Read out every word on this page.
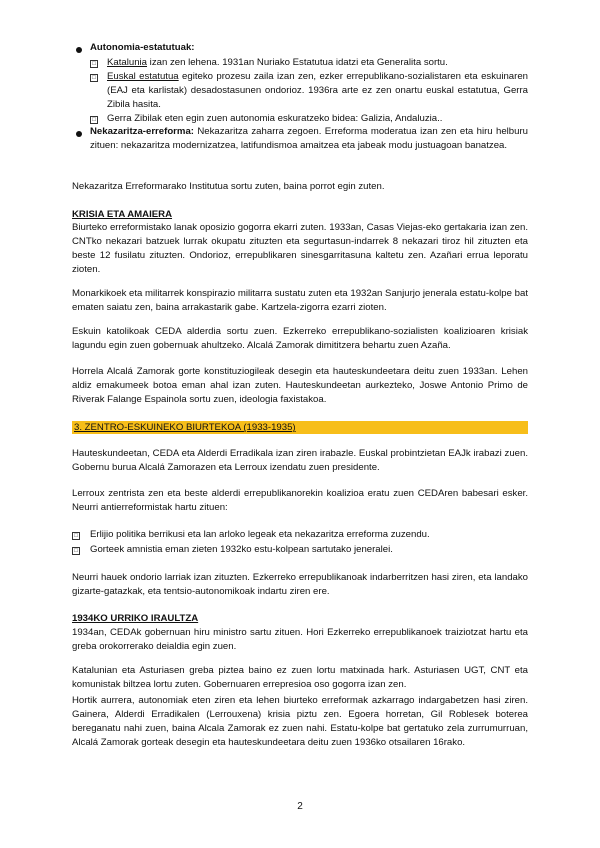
Autonomia-estatutuak:

□ Katalunia izan zen lehena. 1931an Nuriako Estatutua idatzi eta Generalita sortu.

□ Euskal estatutua egiteko prozesu zaila izan zen, ezker errepublikano-sozialistaren eta eskuinaren (EAJ eta karlistak) desadostasunen ondorioz. 1936ra arte ez zen onartu euskal estatutua, Gerra Zibila hasita.

□ Gerra Zibilak eten egin zuen autonomia eskuratzeko bidea: Galizia, Andaluzia..

Nekazaritza-erreforma: Nekazaritza zaharra zegoen. Erreforma moderatua izan zen eta hiru helburu zituen: nekazaritza modernizatzea, latifundismoa amaitzea eta jabeak modu justuagoan banatzea.

Nekazaritza Erreformarako Institutua sortu zuten, baina porrot egin zuten.

KRISIA ETA AMAIERA

Biurteko erreformistako lanak oposizio gogorra ekarri zuten. 1933an, Casas Viejas-eko gertakaria izan zen. CNTko nekazari batzuek lurrak okupatu zituzten eta segurtasun-indarrek 8 nekazari tiroz hil zituzten eta beste 12 fusilatu zituzten. Ondorioz, errepublikaren sinesgarritasuna kaltetu zen. Azañari errua leporatu zioten.

Monarkikoek eta militarrek konspirazio militarra sustatu zuten eta 1932an Sanjurjo jenerala estatu-kolpe bat ematen saiatu zen, baina arrakastarik gabe. Kartzela-zigorra ezarri zioten.

Eskuin katolikoak CEDA alderdia sortu zuen. Ezkerreko errepublikano-sozialisten koalizioaren krisiak lagundu egin zuen gobernuak ahultzeko. Alcalá Zamorak dimititzera behartu zuen Azaña.

Horrela Alcalá Zamorak gorte konstituziogileak desegin eta hauteskundeetara deitu zuen 1933an. Lehen aldiz emakumeek botoa eman ahal izan zuten. Hauteskundeetan aurkezteko, Joswe Antonio Primo de Riverak Falange Espainola sortu zuen, ideologia faxistakoa.

3. ZENTRO-ESKUINEKO BIURTEKOA (1933-1935)

Hauteskundeetan, CEDA eta Alderdi Erradikala izan ziren irabazle. Euskal probintzietan EAJk irabazi zuen. Gobernu burua Alcalá Zamorazen eta Lerroux izendatu zuen presidente.

Lerroux zentrista zen eta beste alderdi errepublikanorekin koalizioa eratu zuen CEDAren babesari esker. Neurri antierreformistak hartu zituen:

□ Erlijio politika berrikusi eta lan arloko legeak eta nekazaritza erreforma zuzendu.

□ Gorteek amnistia eman zieten 1932ko estu-kolpean sartutako jeneralei.

Neurri hauek ondorio larriak izan zituzten. Ezkerreko errepublikanoak indarberritzen hasi ziren, eta landako gizarte-gatazkak, eta tentsio-autonomikoak indartu ziren ere.

1934KO URRIKO IRAULTZA

1934an, CEDAk gobernuan hiru ministro sartu zituen. Hori Ezkerreko errepublikanoek traiziotzat hartu eta greba orokorrerako deialdia egin zuen.

Katalunian eta Asturiasen greba piztea baino ez zuen lortu matxinada hark. Asturiasen UGT, CNT eta komunistak biltzea lortu zuten. Gobernuaren errepresioa oso gogorra izan zen.

Hortik aurrera, autonomiak eten ziren eta lehen biurteko erreformak azkarrago indargabetzen hasi ziren. Gainera, Alderdi Erradikalen (Lerrouxena) krisia piztu zen. Egoera horretan, Gil Roblesek boterea bereganatu nahi zuen, baina Alcala Zamorak ez zuen nahi. Estatu-kolpe bat gertatuko zela zurrumurruan, Alcalá Zamorak gorteak desegin eta hauteskundeetara deitu zuen 1936ko otsailaren 16rako.

2
